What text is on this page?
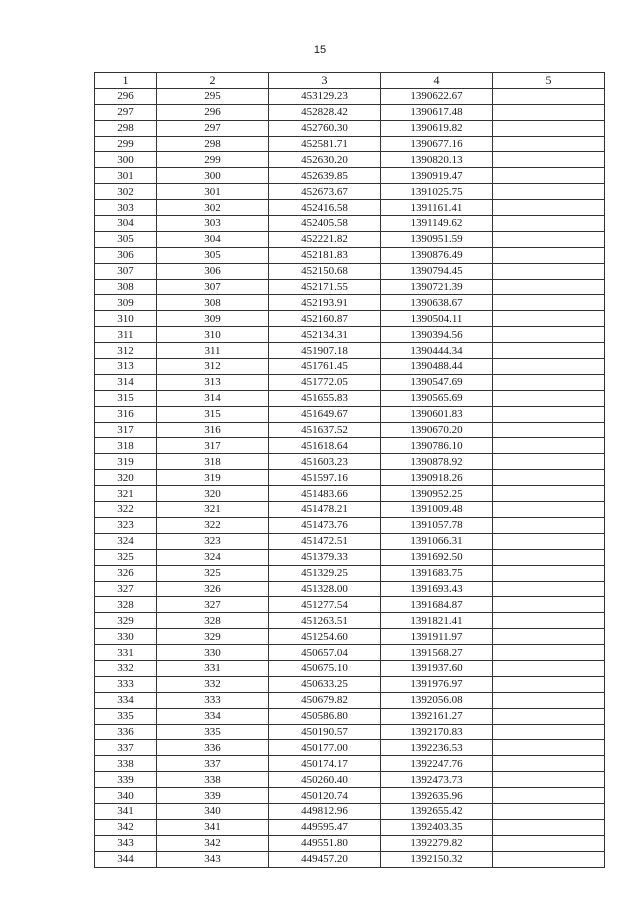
15
1	2	3	4	5
296	295	453129.23	1390622.67	
297	296	452828.42	1390617.48	
298	297	452760.30	1390619.82	
299	298	452581.71	1390677.16	
300	299	452630.20	1390820.13	
301	300	452639.85	1390919.47	
302	301	452673.67	1391025.75	
303	302	452416.58	1391161.41	
304	303	452405.58	1391149.62	
305	304	452221.82	1390951.59	
306	305	452181.83	1390876.49	
307	306	452150.68	1390794.45	
308	307	452171.55	1390721.39	
309	308	452193.91	1390638.67	
310	309	452160.87	1390504.11	
311	310	452134.31	1390394.56	
312	311	451907.18	1390444.34	
313	312	451761.45	1390488.44	
314	313	451772.05	1390547.69	
315	314	451655.83	1390565.69	
316	315	451649.67	1390601.83	
317	316	451637.52	1390670.20	
318	317	451618.64	1390786.10	
319	318	451603.23	1390878.92	
320	319	451597.16	1390918.26	
321	320	451483.66	1390952.25	
322	321	451478.21	1391009.48	
323	322	451473.76	1391057.78	
324	323	451472.51	1391066.31	
325	324	451379.33	1391692.50	
326	325	451329.25	1391683.75	
327	326	451328.00	1391693.43	
328	327	451277.54	1391684.87	
329	328	451263.51	1391821.41	
330	329	451254.60	1391911.97	
331	330	450657.04	1391568.27	
332	331	450675.10	1391937.60	
333	332	450633.25	1391976.97	
334	333	450679.82	1392056.08	
335	334	450586.80	1392161.27	
336	335	450190.57	1392170.83	
337	336	450177.00	1392236.53	
338	337	450174.17	1392247.76	
339	338	450260.40	1392473.73	
340	339	450120.74	1392635.96	
341	340	449812.96	1392655.42	
342	341	449595.47	1392403.35	
343	342	449551.80	1392279.82	
344	343	449457.20	1392150.32	
